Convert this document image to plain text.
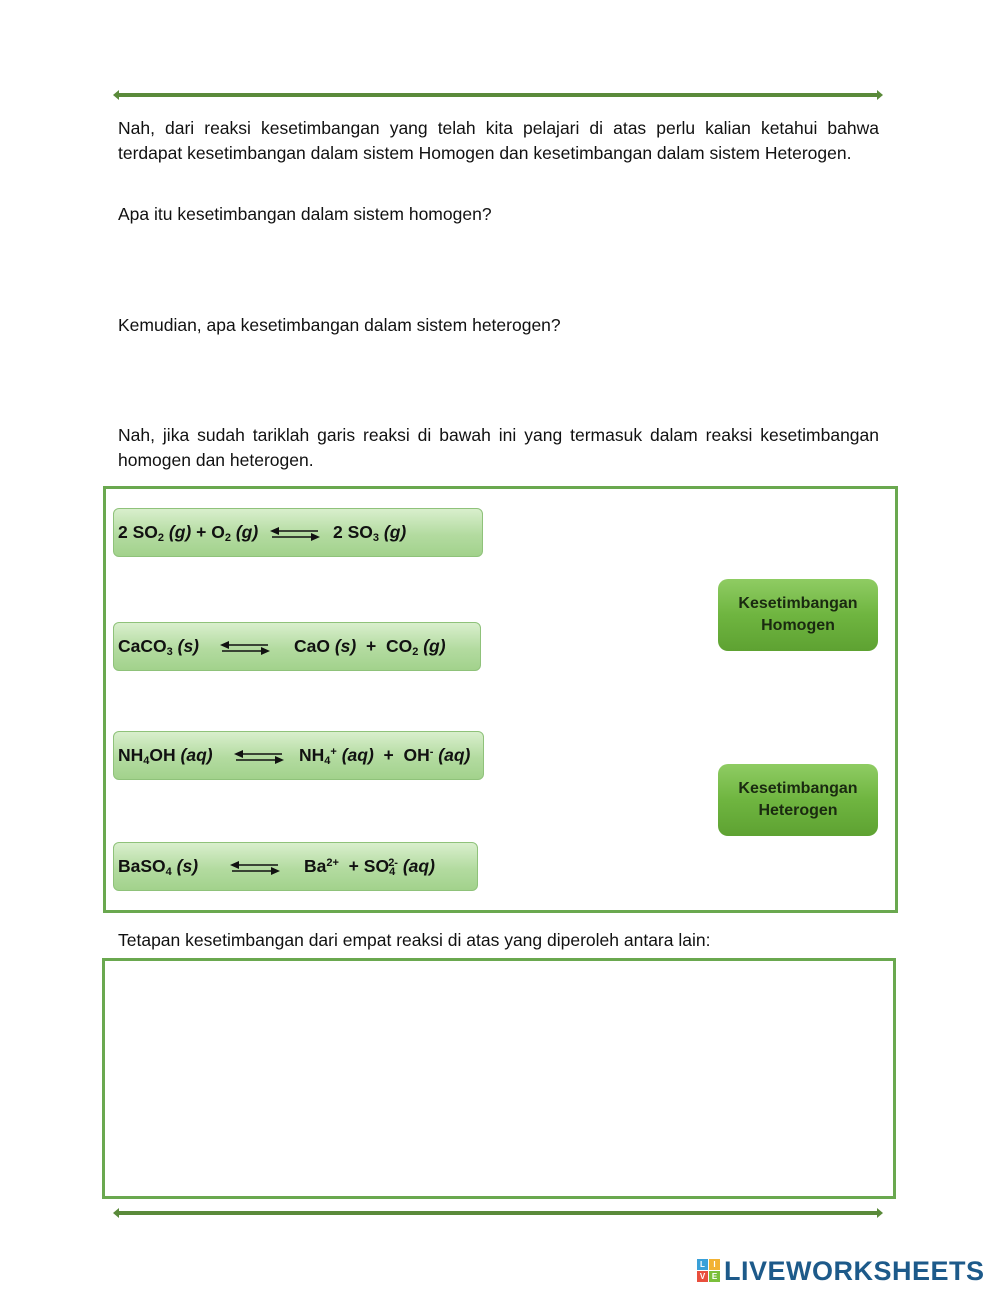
Nah, dari reaksi kesetimbangan yang telah kita pelajari di atas perlu kalian ketahui bahwa terdapat kesetimbangan dalam sistem Homogen dan kesetimbangan dalam sistem Heterogen.

Apa itu kesetimbangan dalam sistem homogen?

Kemudian, apa kesetimbangan dalam sistem heterogen?

Nah, jika sudah tariklah garis reaksi di bawah ini yang termasuk dalam reaksi kesetimbangan homogen dan heterogen.

2 $SO_2$ $(g) + O_2$ (g) ⇌ 2 $SO_3$ (g)
CaCO$_3$ (s) ⇌ CaO $(s) + CO_2$ (g)
$NH_4OH$ (aq) ⇌ $NH_4^+$ (aq) + OH- (aq)
BaSO$_4$ (s) ⇌ $Ba^{2+} + SO_4^{2-}$ (aq)
Kesetimbangan
Homogen
Kesetimbangan
Heterogen

Tetapan kesetimbangan dari empat reaksi di atas yang diperoleh antara lain:

L	I
V E LIVEWORKSHEETS
